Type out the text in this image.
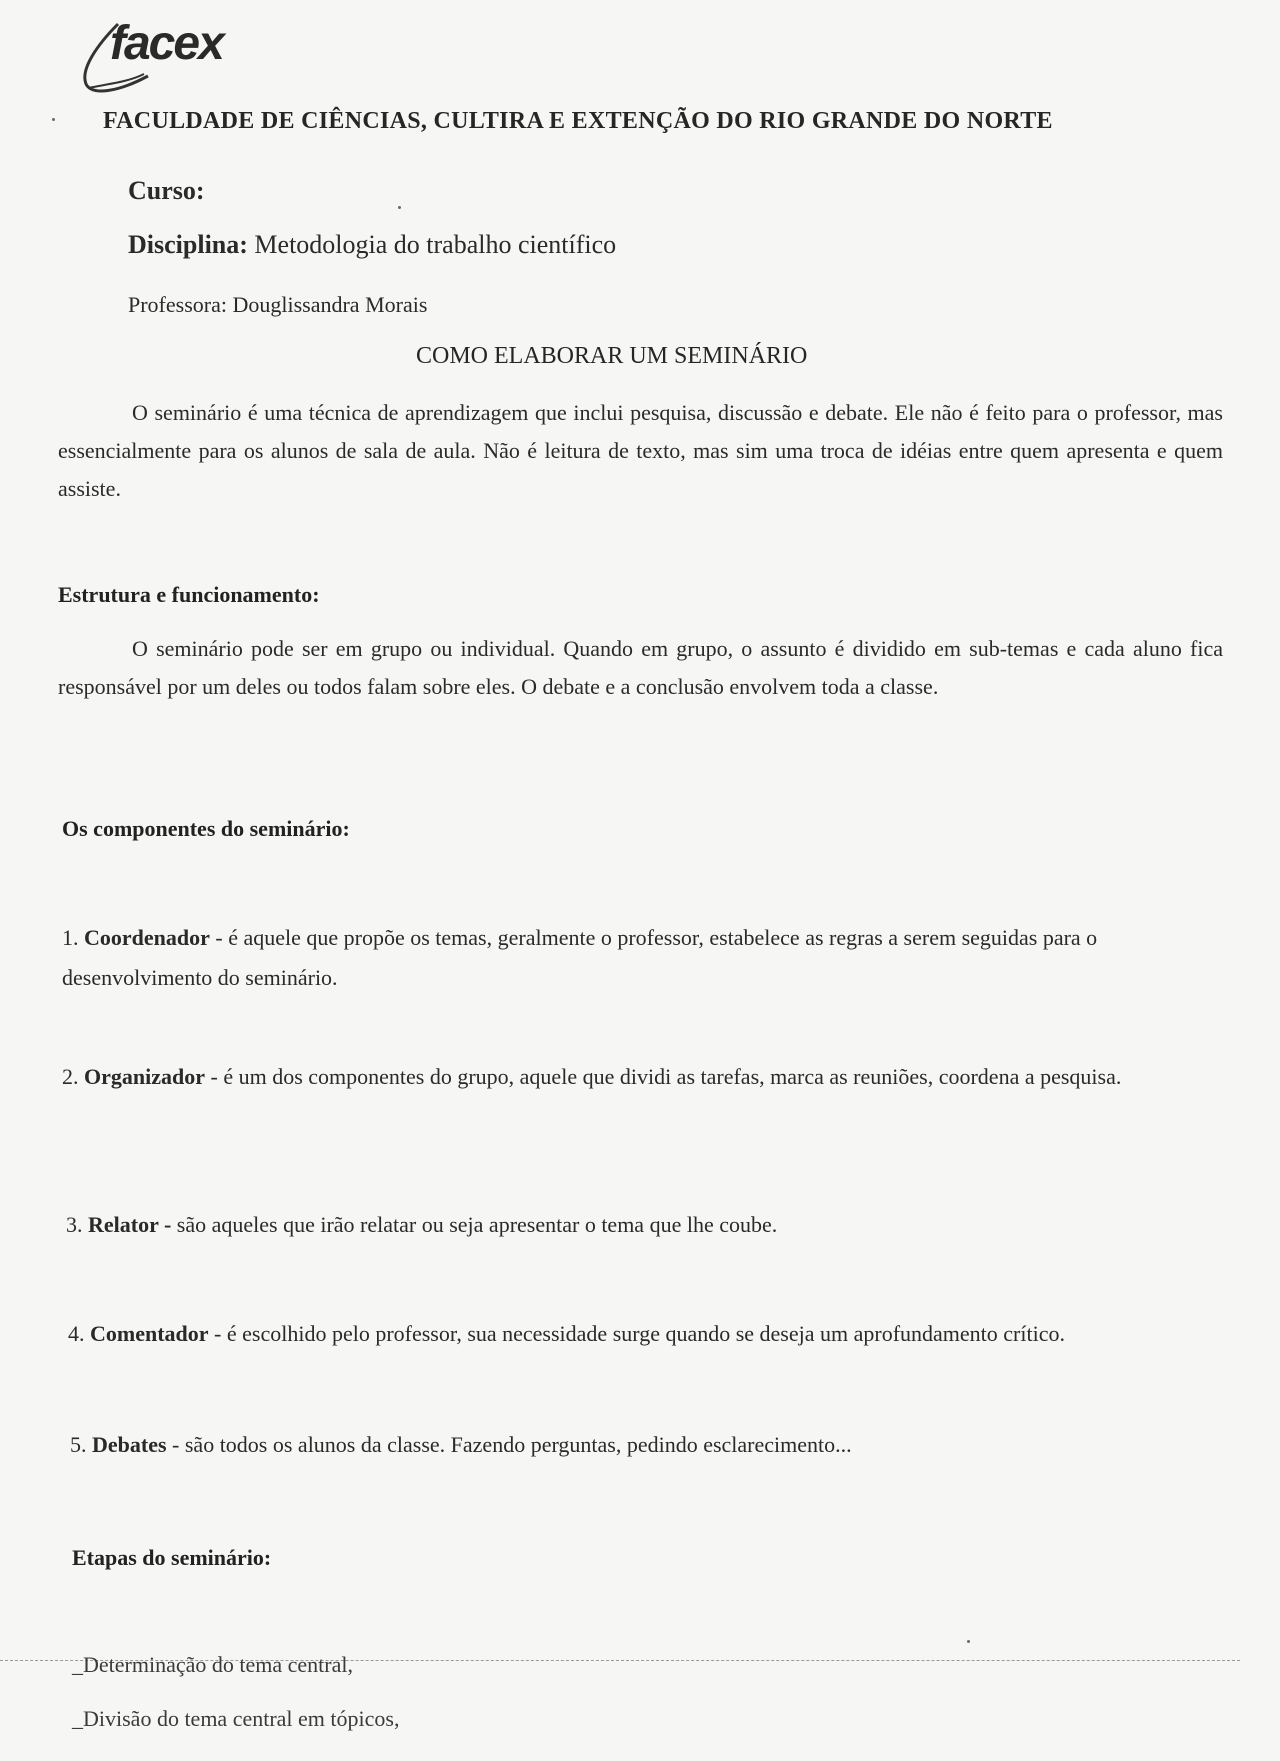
facex
FACULDADE DE CIÊNCIAS, CULTIRA E EXTENÇÃO DO RIO GRANDE DO NORTE
Curso:
Disciplina: Metodologia do trabalho científico
Professora: Douglissandra Morais
COMO ELABORAR UM SEMINÁRIO

O seminário é uma técnica de aprendizagem que inclui pesquisa, discussão e debate. Ele não é feito para o professor, mas essencialmente para os alunos de sala de aula. Não é leitura de texto, mas sim uma troca de idéias entre quem apresenta e quem assiste.

Estrutura e funcionamento:

O seminário pode ser em grupo ou individual. Quando em grupo, o assunto é dividido em sub-temas e cada aluno fica responsável por um deles ou todos falam sobre eles. O debate e a conclusão envolvem toda a classe.

Os componentes do seminário:
1. Coordenador - é aquele que propõe os temas, geralmente o professor, estabelece as regras a serem seguidas para o desenvolvimento do seminário.
2. Organizador - é um dos componentes do grupo, aquele que dividi as tarefas, marca as reuniões, coordena a pesquisa.
3. Relator - são aqueles que irão relatar ou seja apresentar o tema que lhe coube.
4. Comentador - é escolhido pelo professor, sua necessidade surge quando se deseja um aprofundamento crítico.
5. Debates - são todos os alunos da classe. Fazendo perguntas, pedindo esclarecimento...
Etapas do seminário:
_Determinação do tema central,
_Divisão do tema central em tópicos,
